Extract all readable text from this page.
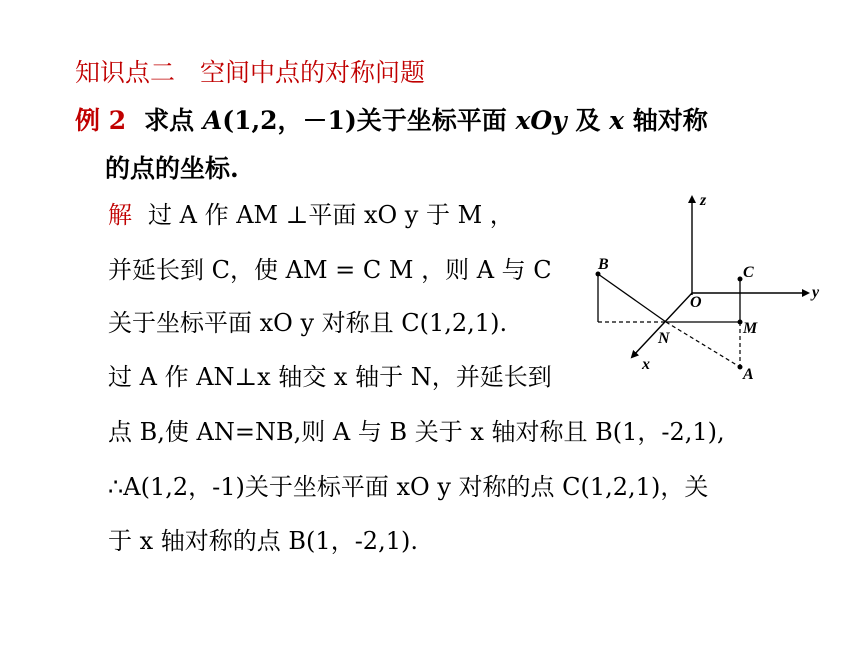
知识点二　空间中点的对称问题
例 2 求点 A(1,2，－1)关于坐标平面 xOy 及 x 轴对称
的点的坐标.
解 过 A 作 AM ⊥平面 xO y 于 M ，
并延长到 C，使 AM = C M ，则 A 与 C
关于坐标平面 xO y 对称且 C(1,2,1).
过 A 作 AN⊥x 轴交 x 轴于 N，并延长到
点 B,使 AN=NB,则 A 与 B 关于 x 轴对称且 B(1，-2,1),
∴A(1,2，-1)关于坐标平面 xO y 对称的点 C(1,2,1)，关
于 x 轴对称的点 B(1，-2,1).
z
y
x
O
B	C
M
N
A
